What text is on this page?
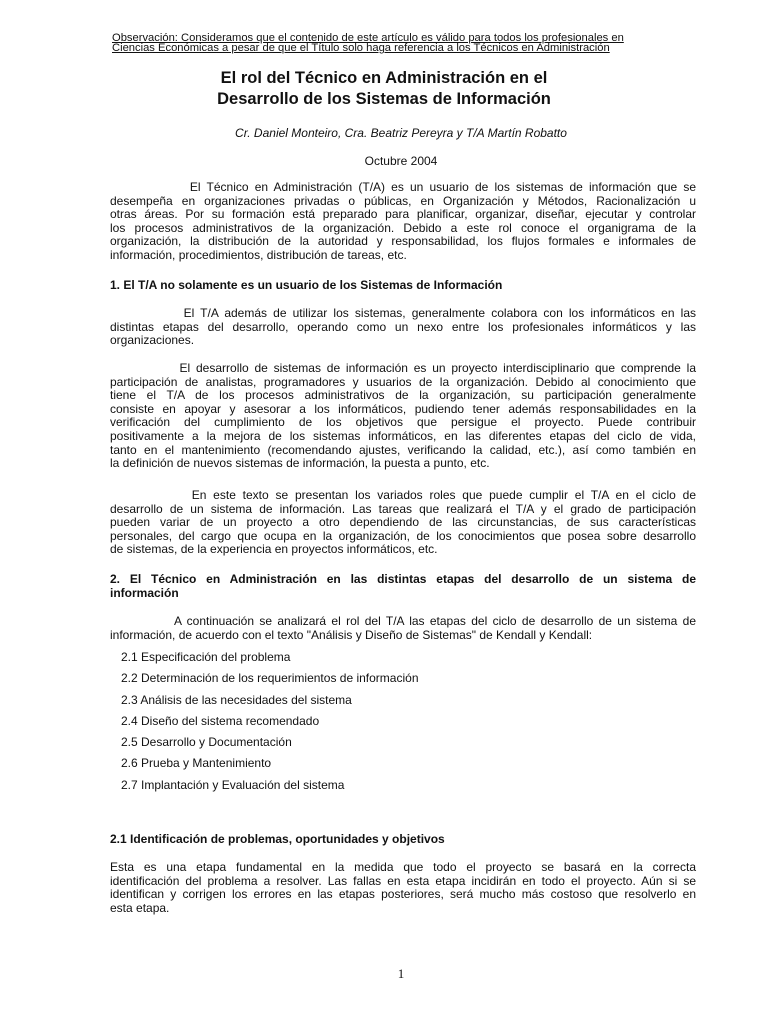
Observación: Consideramos que el contenido de este artículo es válido para todos los profesionales en
Ciencias Económicas a pesar de que el Título solo haga referencia a los Técnicos en Administración
El rol del Técnico en Administración en el
Desarrollo de los Sistemas de Información
Cr. Daniel Monteiro, Cra. Beatriz Pereyra y T/A Martín Robatto
Octubre 2004
El Técnico en Administración (T/A) es un usuario de los sistemas de información que se
desempeña en organizaciones privadas o públicas, en Organización y Métodos, Racionalización u
otras áreas. Por su formación está preparado para planificar, organizar, diseñar, ejecutar y controlar
los procesos administrativos de la organización. Debido a este rol conoce el organigrama de la
organización, la distribución de la autoridad y responsabilidad, los flujos formales e informales de
información, procedimientos, distribución de tareas, etc.
1. El T/A no solamente es un usuario de los Sistemas de Información
El T/A además de utilizar los sistemas, generalmente colabora con los informáticos en las
distintas etapas del desarrollo, operando como un nexo entre los profesionales informáticos y las
organizaciones.
El desarrollo de sistemas de información es un proyecto interdisciplinario que comprende la
participación de analistas, programadores y usuarios de la organización. Debido al conocimiento que
tiene el T/A de los procesos administrativos de la organización, su participación generalmente
consiste en apoyar y asesorar a los informáticos, pudiendo tener además responsabilidades en la
verificación del cumplimiento de los objetivos que persigue el proyecto. Puede contribuir
positivamente a la mejora de los sistemas informáticos, en las diferentes etapas del ciclo de vida,
tanto en el mantenimiento (recomendando ajustes, verificando la calidad, etc.), así como también en
la definición de nuevos sistemas de información, la puesta a punto, etc.
En este texto se presentan los variados roles que puede cumplir el T/A en el ciclo de
desarrollo de un sistema de información. Las tareas que realizará el T/A y el grado de participación
pueden variar de un proyecto a otro dependiendo de las circunstancias, de sus características
personales, del cargo que ocupa en la organización, de los conocimientos que posea sobre desarrollo
de sistemas, de la experiencia en proyectos informáticos, etc.
2. El Técnico en Administración en las distintas etapas del desarrollo de un sistema de
información
A continuación se analizará el rol del T/A las etapas del ciclo de desarrollo de un sistema de
información, de acuerdo con el texto "Análisis y Diseño de Sistemas" de Kendall y Kendall:
2.1 Especificación del problema
2.2 Determinación de los requerimientos de información
2.3 Análisis de las necesidades del sistema
2.4 Diseño del sistema recomendado
2.5 Desarrollo y Documentación
2.6 Prueba y Mantenimiento
2.7 Implantación y Evaluación del sistema
2.1 Identificación de problemas, oportunidades y objetivos
Esta es una etapa fundamental en la medida que todo el proyecto se basará en la correcta
identificación del problema a resolver. Las fallas en esta etapa incidirán en todo el proyecto. Aún si se
identifican y corrigen los errores en las etapas posteriores, será mucho más costoso que resolverlo en
esta etapa.
1
